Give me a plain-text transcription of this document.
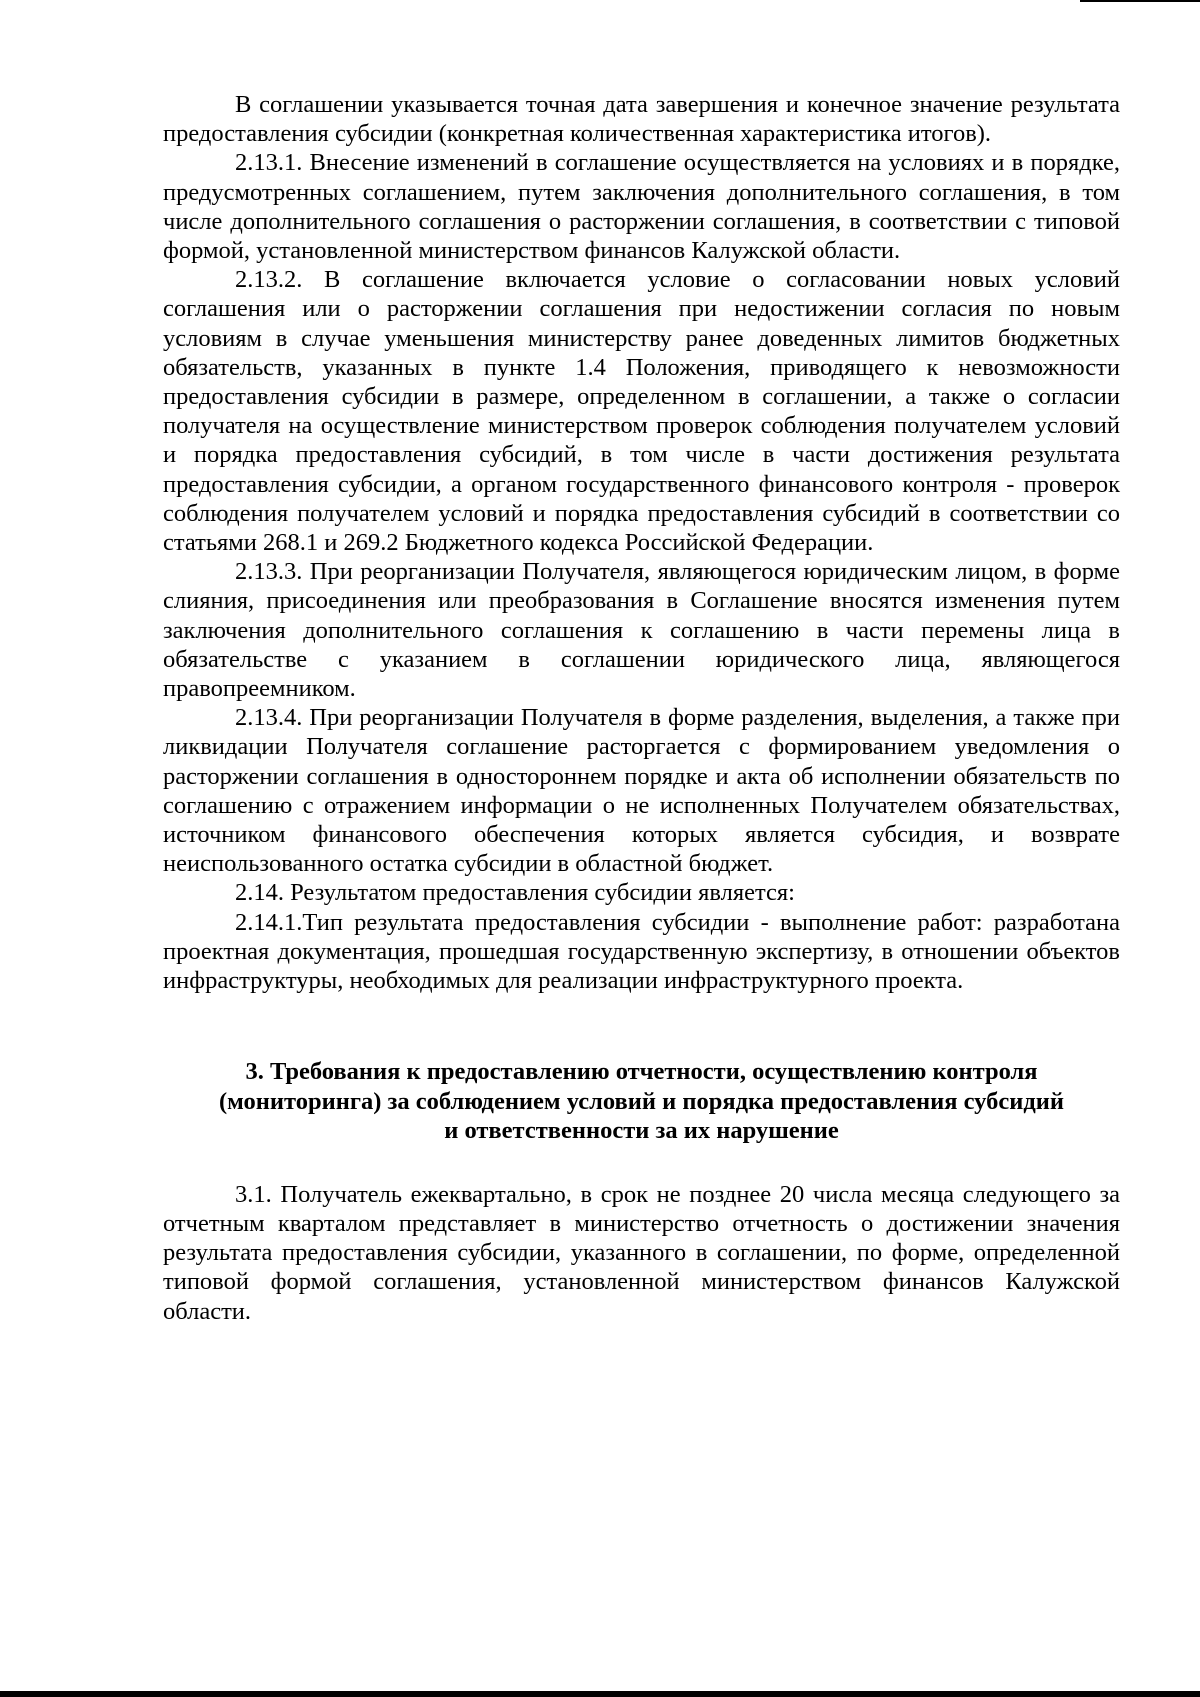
В соглашении указывается точная дата завершения и конечное значение результата предоставления субсидии (конкретная количественная характеристика итогов).

2.13.1. Внесение изменений в соглашение осуществляется на условиях и в порядке, предусмотренных соглашением, путем заключения дополнительного соглашения, в том числе дополнительного соглашения о расторжении соглашения, в соответствии с типовой формой, установленной министерством финансов Калужской области.

2.13.2. В соглашение включается условие о согласовании новых условий соглашения или о расторжении соглашения при недостижении согласия по новым условиям в случае уменьшения министерству ранее доведенных лимитов бюджетных обязательств, указанных в пункте 1.4 Положения, приводящего к невозможности предоставления субсидии в размере, определенном в соглашении, а также о согласии получателя на осуществление министерством проверок соблюдения получателем условий и порядка предоставления субсидий, в том числе в части достижения результата предоставления субсидии, а органом государственного финансового контроля - проверок соблюдения получателем условий и порядка предоставления субсидий в соответствии со статьями 268.1 и 269.2 Бюджетного кодекса Российской Федерации.

2.13.3. При реорганизации Получателя, являющегося юридическим лицом, в форме слияния, присоединения или преобразования в Соглашение вносятся изменения путем заключения дополнительного соглашения к соглашению в части перемены лица в обязательстве с указанием в соглашении юридического лица, являющегося правопреемником.

2.13.4. При реорганизации Получателя в форме разделения, выделения, а также при ликвидации Получателя соглашение расторгается с формированием уведомления о расторжении соглашения в одностороннем порядке и акта об исполнении обязательств по соглашению с отражением информации о не исполненных Получателем обязательствах, источником финансового обеспечения которых является субсидия, и возврате неиспользованного остатка субсидии в областной бюджет.

2.14. Результатом предоставления субсидии является:

2.14.1.Тип результата предоставления субсидии - выполнение работ: разработана проектная документация, прошедшая государственную экспертизу, в отношении объектов инфраструктуры, необходимых для реализации инфраструктурного проекта.

3. Требования к предоставлению отчетности, осуществлению контроля
(мониторинга) за соблюдением условий и порядка предоставления субсидий
и ответственности за их нарушение

3.1. Получатель ежеквартально, в срок не позднее 20 числа месяца следующего за отчетным кварталом представляет в министерство отчетность о достижении значения результата предоставления субсидии, указанного в соглашении, по форме, определенной типовой формой соглашения, установленной министерством финансов Калужской области.
